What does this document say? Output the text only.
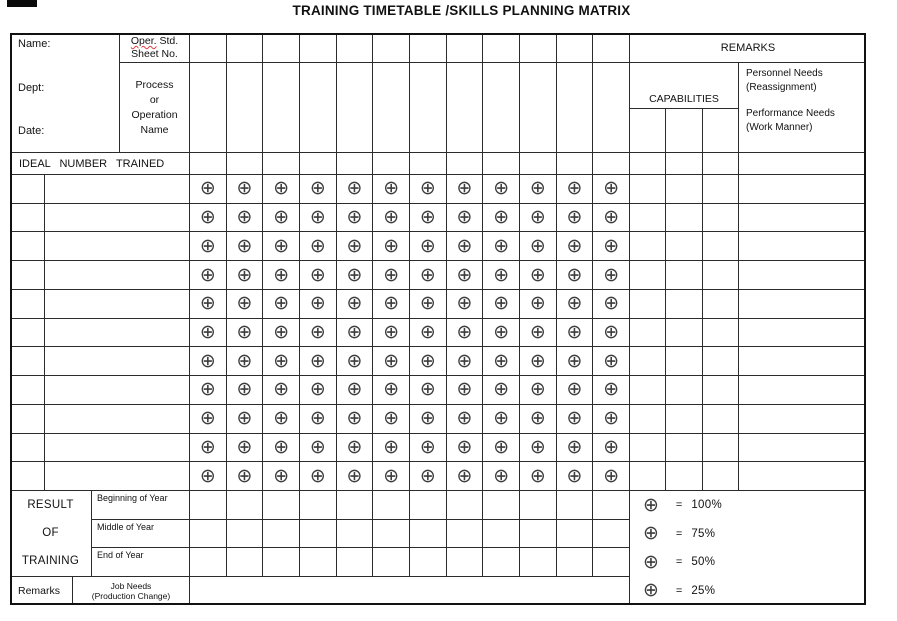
TRAINING TIMETABLE /SKILLS PLANNING MATRIX
Name:
Dept:
Date:
Oper. Std.
Sheet No.
Process
or
Operation
Name
REMARKS
CAPABILITIES
Personnel Needs
(Reassignment)
Performance Needs
(Work Manner)
IDEAL NUMBER TRAINED
RESULT
OF
TRAINING
Remarks	Job Needs
(Production Change)
⊕ = 100%
⊕ = 75%
⊕ = 50%
⊕ = 25%
⊕ ⊕ ⊕ ⊕ ⊕ ⊕ ⊕ ⊕ ⊕ ⊕ ⊕ ⊕
⊕ ⊕ ⊕ ⊕ ⊕ ⊕ ⊕ ⊕ ⊕ ⊕ ⊕ ⊕
⊕ ⊕ ⊕ ⊕ ⊕ ⊕ ⊕ ⊕ ⊕ ⊕ ⊕ ⊕
⊕ ⊕ ⊕ ⊕ ⊕ ⊕ ⊕ ⊕ ⊕ ⊕ ⊕ ⊕
⊕ ⊕ ⊕ ⊕ ⊕ ⊕ ⊕ ⊕ ⊕ ⊕ ⊕ ⊕
⊕ ⊕ ⊕ ⊕ ⊕ ⊕ ⊕ ⊕ ⊕ ⊕ ⊕ ⊕
⊕ ⊕ ⊕ ⊕ ⊕ ⊕ ⊕ ⊕ ⊕ ⊕ ⊕ ⊕
⊕ ⊕ ⊕ ⊕ ⊕ ⊕ ⊕ ⊕ ⊕ ⊕ ⊕ ⊕
⊕ ⊕ ⊕ ⊕ ⊕ ⊕ ⊕ ⊕ ⊕ ⊕ ⊕ ⊕
⊕ ⊕ ⊕ ⊕ ⊕ ⊕ ⊕ ⊕ ⊕ ⊕ ⊕ ⊕
⊕ ⊕ ⊕ ⊕ ⊕ ⊕ ⊕ ⊕ ⊕ ⊕ ⊕ ⊕
Beginning of Year
Middle of Year
End of Year
